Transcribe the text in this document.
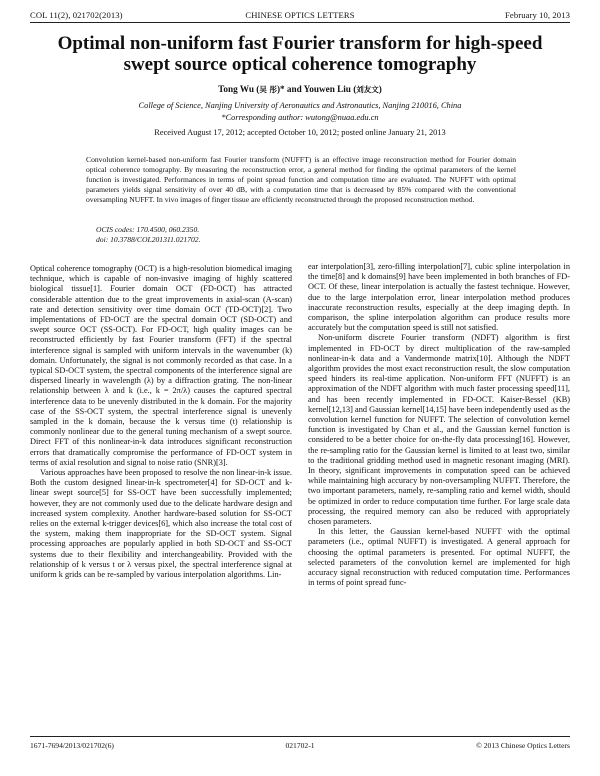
COL 11(2), 021702(2013)	CHINESE OPTICS LETTERS	February 10, 2013
Optimal non-uniform fast Fourier transform for high-speed swept source optical coherence tomography
Tong Wu (吴 彤)* and Youwen Liu (刘友文)
College of Science, Nanjing University of Aeronautics and Astronautics, Nanjing 210016, China
*Corresponding author: wutong@nuaa.edu.cn
Received August 17, 2012; accepted October 10, 2012; posted online January 21, 2013

Convolution kernel-based non-uniform fast Fourier transform (NUFFT) is an effective image reconstruction method for Fourier domain optical coherence tomography. By measuring the reconstruction error, a general method for finding the optimal parameters of the kernel function is investigated. Performances in terms of point spread function and computation time are evaluated. The NUFFT with optimal parameters yields signal sensitivity of over 40 dB, with a computation time that is decreased by 85% compared with the conventional oversampling NUFFT. In vivo images of finger tissue are efficiently reconstructed through the proposed reconstruction method.

OCIS codes: 170.4500, 060.2350.
doi: 10.3788/COL201311.021702.

Optical coherence tomography (OCT) is a high-resolution biomedical imaging technique, which is capable of non-invasive imaging of highly scattered biological tissue[1]. Fourier domain OCT (FD-OCT) has attracted considerable attention due to the great improvements in axial-scan (A-scan) rate and detection sensitivity over time domain OCT (TD-OCT)[2]. Two implementations of FD-OCT are the spectral domain OCT (SD-OCT) and swept source OCT (SS-OCT). For FD-OCT, high quality images can be reconstructed efficiently by fast Fourier transform (FFT) if the spectral interference signal is sampled with uniform intervals in the wavenumber (k) domain. Unfortunately, the signal is not commonly recorded as that case. In a typical SD-OCT system, the spectral components of the interference signal are dispersed linearly in wavelength (λ) by a diffraction grating. The non-linear relationship between λ and k (i.e., k = 2π/λ) causes the captured spectral interference data to be unevenly distributed in the k domain. For the majority case of the SS-OCT system, the spectral interference signal is unevenly sampled in the k domain, because the k versus time (t) relationship is commonly nonlinear due to the general tuning mechanism of a swept source. Direct FFT of this nonlinear-in-k data introduces significant reconstruction errors that dramatically compromise the performance of FD-OCT system in terms of axial resolution and signal to noise ratio (SNR)[3].

Various approaches have been proposed to resolve the non linear-in-k issue. Both the custom designed linear-in-k spectrometer[4] for SD-OCT and k-linear swept source[5] for SS-OCT have been successfully implemented; however, they are not commonly used due to the delicate hardware design and increased system complexity. Another hardware-based solution for SS-OCT relies on the external k-trigger devices[6], which also increase the total cost of the system, making them inappropriate for the SD-OCT system. Signal processing approaches are popularly applied in both SD-OCT and SS-OCT systems due to their flexibility and interchangeability. Provided with the relationship of k versus t or λ versus pixel, the spectral interference signal at uniform k grids can be re-sampled by various interpolation algorithms. Lin-

ear interpolation[3], zero-filling interpolation[7], cubic spline interpolation in the time[8] and k domains[9] have been implemented in both branches of FD-OCT. Of these, linear interpolation is actually the fastest technique. However, due to the large interpolation error, linear interpolation method produces inaccurate reconstruction results, especially at the deep imaging depth. In comparison, the spline interpolation algorithm can produce results more accurately but the computation speed is still not satisfied.

Non-uniform discrete Fourier transform (NDFT) algorithm is first implemented in FD-OCT by direct multiplication of the raw-sampled nonlinear-in-k data and a Vandermonde matrix[10]. Although the NDFT algorithm provides the most exact reconstruction result, the slow computation speed hinders its real-time application. Non-uniform FFT (NUFFT) is an approximation of the NDFT algorithm with much faster processing speed[11], and has been recently implemented in FD-OCT. Kaiser-Bessel (KB) kernel[12,13] and Gaussian kernel[14,15] have been independently used as the convolution kernel function for NUFFT. The selection of convolution kernel function is investigated by Chan et al., and the Gaussian kernel function is considered to be a better choice for on-the-fly data processing[16]. However, the re-sampling ratio for the Gaussian kernel is limited to at least two, similar to the traditional gridding method used in magnetic resonant imaging (MRI). In theory, significant improvements in computation speed can be achieved while maintaining high accuracy by non-oversampling NUFFT. Therefore, the two important parameters, namely, re-sampling ratio and kernel width, should be optimized in order to reduce computation time further. For large scale data processing, the required memory can also be reduced with appropriately chosen parameters.

In this letter, the Gaussian kernel-based NUFFT with the optimal parameters (i.e., optimal NUFFT) is investigated. A general approach for choosing the optimal parameters is presented. For optimal NUFFT, the selected parameters of the convolution kernel are implemented for high accuracy signal reconstruction with reduced computation time. Performances in terms of point spread func-

1671-7694/2013/021702(6)	021702-1	© 2013 Chinese Optics Letters
